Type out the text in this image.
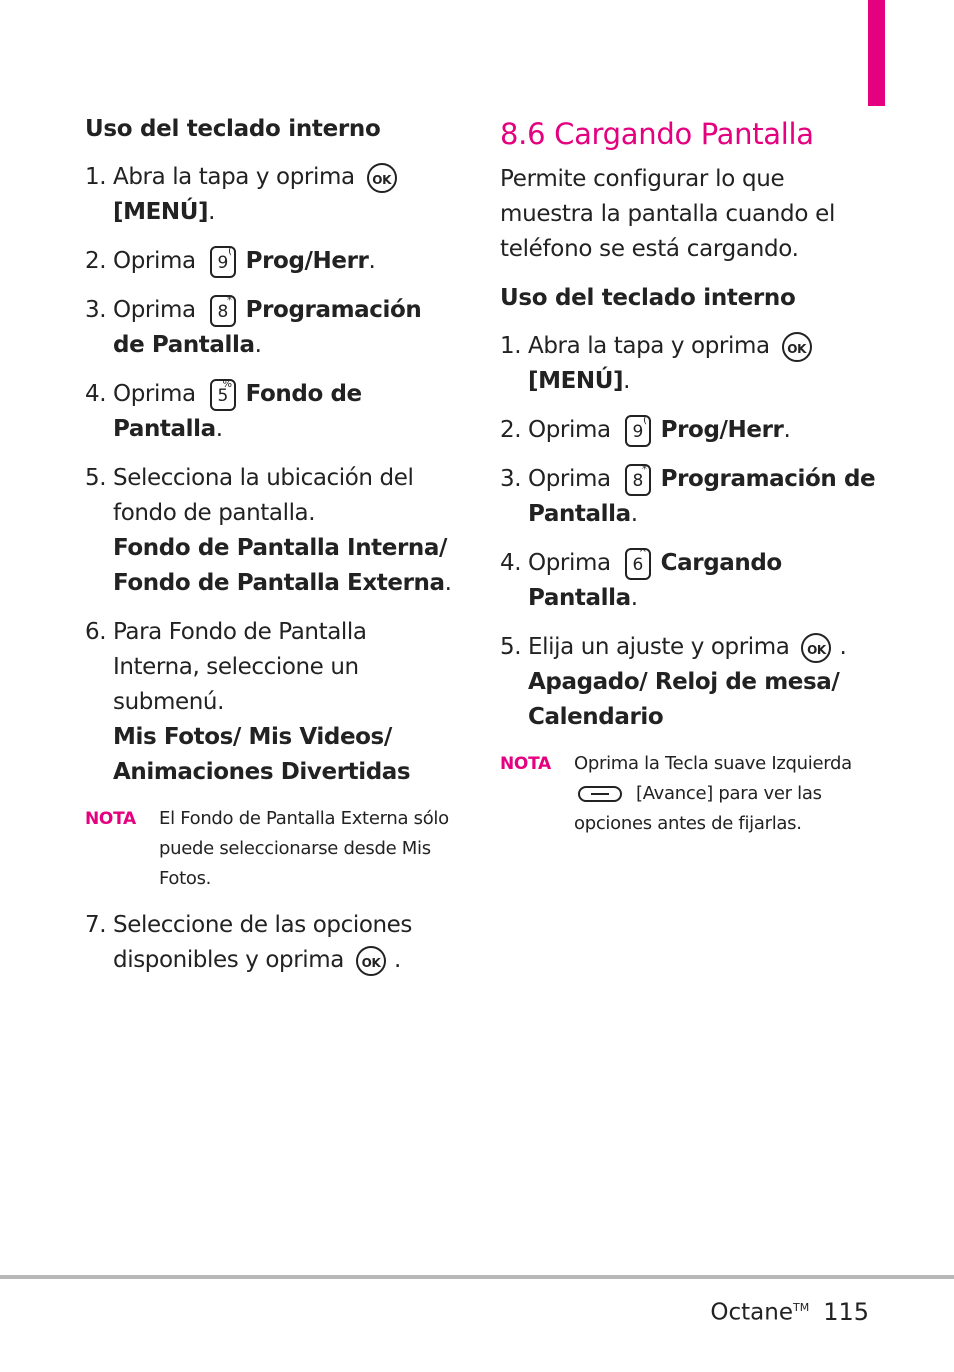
Uso del teclado interno

1. Abra la tapa y oprima OK
[MENÚ].
2. Oprima 9
( Prog/Herr.
3. Oprima 8
* Programación de Pantalla.
4. Oprima 5
% Fondo de Pantalla.
5. Selecciona la ubicación del fondo de pantalla.
Fondo de Pantalla Interna/ Fondo de Pantalla Externa.
6. Para Fondo de Pantalla Interna, seleccione un submenú.
Mis Fotos/ Mis Videos/ Animaciones Divertidas
NOTA El Fondo de Pantalla Externa sólo puede seleccionarse desde Mis Fotos.
7. Seleccione de las opciones disponibles y oprima OK .

8.6 Cargando Pantalla

Permite configurar lo que muestra la pantalla cuando el teléfono se está cargando.

Uso del teclado interno

1. Abra la tapa y oprima OK
[MENÚ].
2. Oprima 9
( Prog/Herr.
3. Oprima 8
* Programación de Pantalla.
4. Oprima 6
^ Cargando Pantalla.
5. Elija un ajuste y oprima OK .
Apagado/ Reloj de mesa/ Calendario
NOTA Oprima la Tecla suave Izquierda
[Avance] para ver las opciones antes de fijarlas.
Octane™ 115
